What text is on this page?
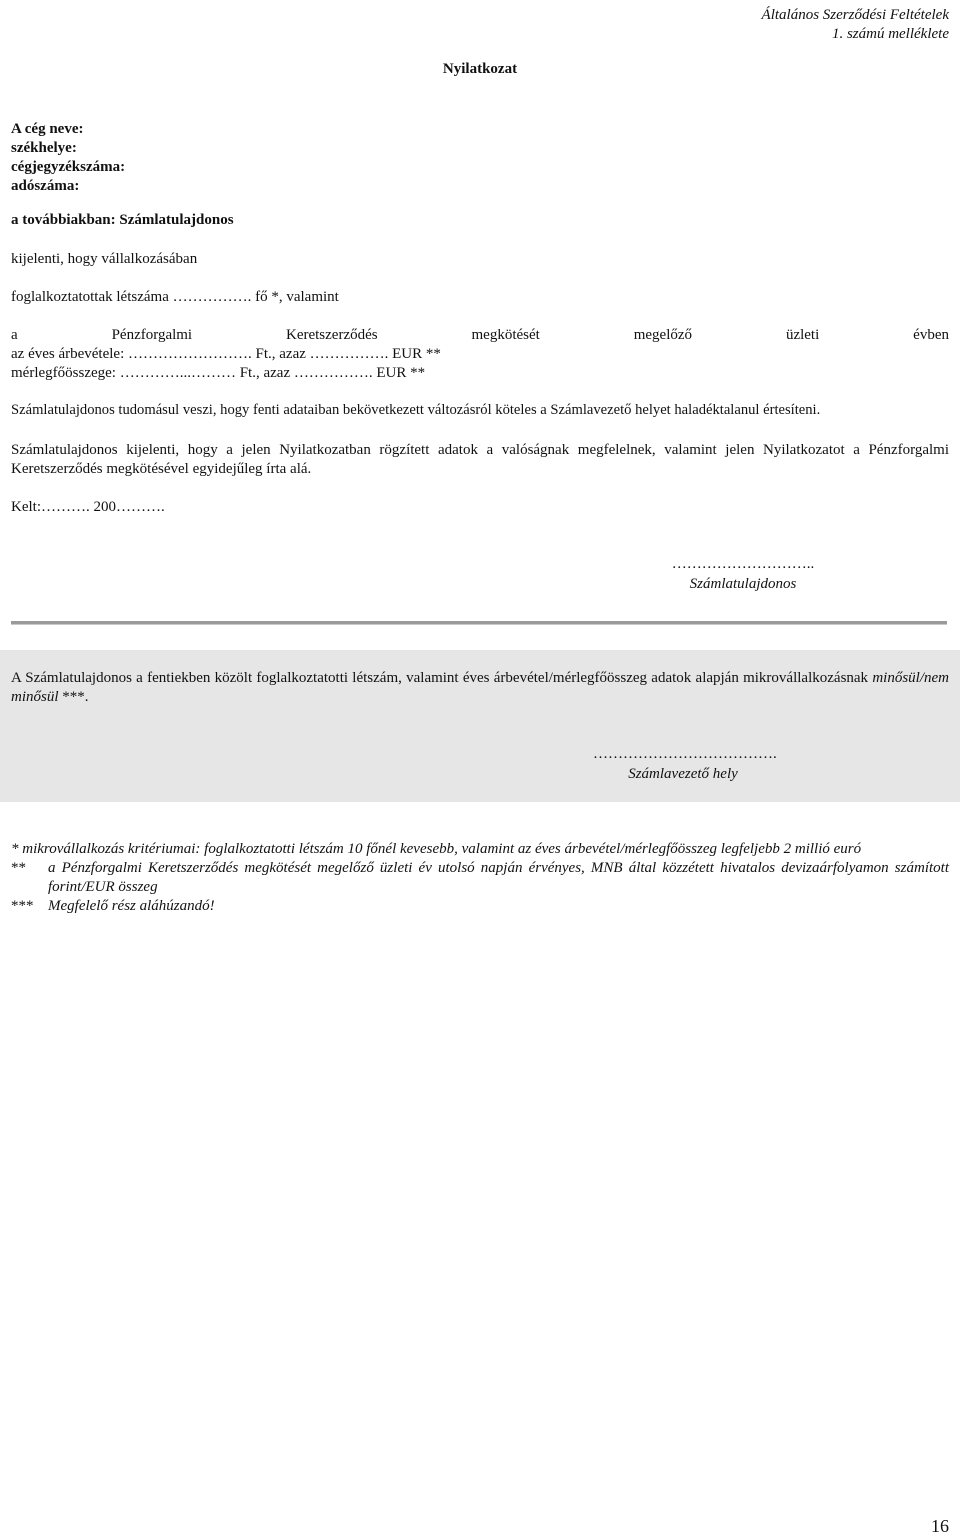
Általános Szerződési Feltételek
1. számú melléklete
Nyilatkozat
A cég neve:
székhelye:
cégjegyzékszáma:
adószáma:
a továbbiakban: Számlatulajdonos
kijelenti, hogy vállalkozásában
foglalkoztatottak létszáma ……………. fő *, valamint
a	Pénzforgalmi	Keretszerződés	megkötését	megelőző	üzleti	évben
az éves árbevétele: ……………………. Ft., azaz ……………. EUR **
mérlegfőösszege: …………...……… Ft., azaz ……………. EUR **
Számlatulajdonos tudomásul veszi, hogy fenti adataiban bekövetkezett változásról köteles a Számlavezető helyet haladéktalanul értesíteni.
Számlatulajdonos kijelenti, hogy a jelen Nyilatkozatban rögzített adatok a valóságnak megfelelnek, valamint jelen Nyilatkozatot a Pénzforgalmi Keretszerződés megkötésével egyidejűleg írta alá.
Kelt:………. 200……….
………………………..
Számlatulajdonos
A Számlatulajdonos a fentiekben közölt foglalkoztatotti létszám, valamint éves árbevétel/mérlegfőösszeg adatok alapján mikrovállalkozásnak minősül/nem minősül ***.
……………………………….
Számlavezető hely
* mikrovállalkozás kritériumai: foglalkoztatotti létszám 10 főnél kevesebb, valamint az éves árbevétel/mérlegfőösszeg legfeljebb 2 millió euró
**	a Pénzforgalmi Keretszerződés megkötését megelőző üzleti év utolsó napján érvényes, MNB által közzétett hivatalos devizaárfolyamon számított forint/EUR összeg
*** Megfelelő rész aláhúzandó!
16
